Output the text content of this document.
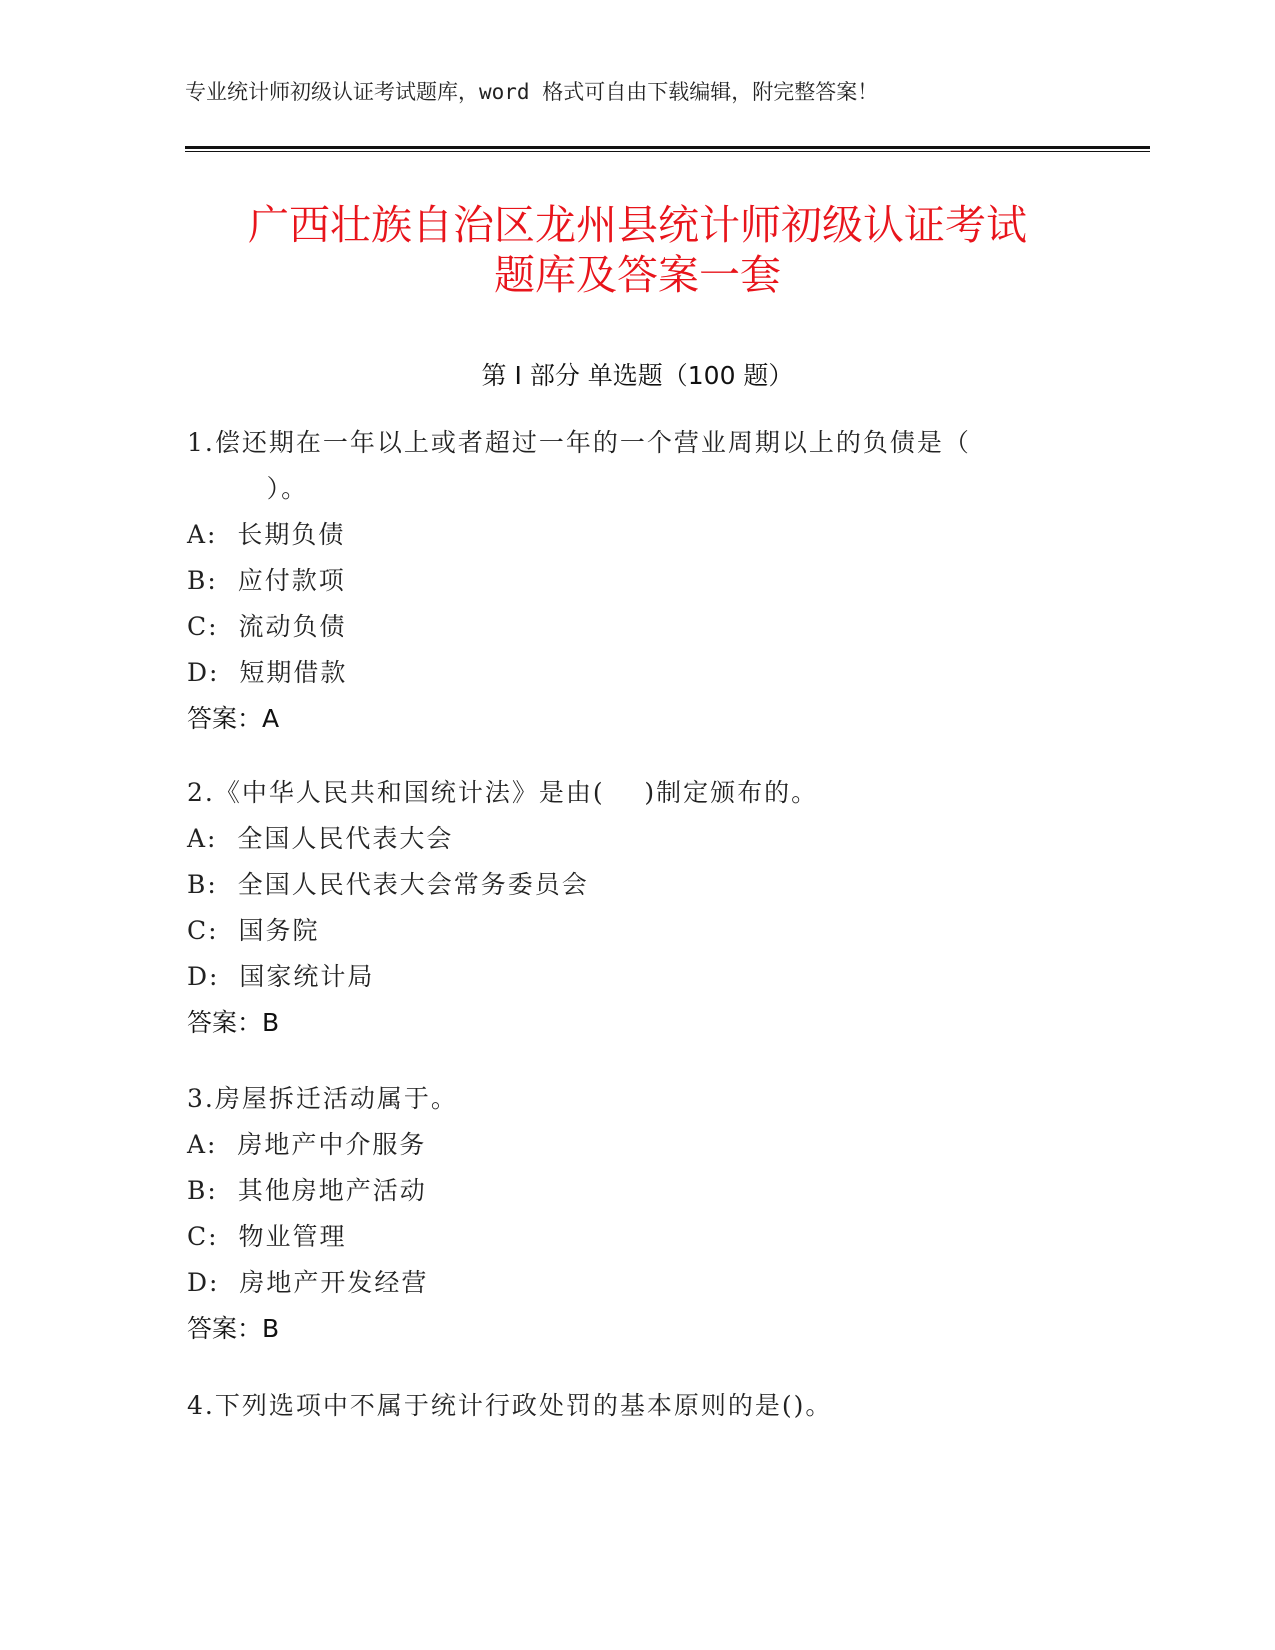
专业统计师初级认证考试题库，word 格式可自由下载编辑，附完整答案！
广西壮族自治区龙州县统计师初级认证考试
题库及答案一套
第 I 部分 单选题（100 题）
1.偿还期在一年以上或者超过一年的一个营业周期以上的负债是（
）。
A:  长期负债
B:  应付款项
C:  流动负债
D:  短期借款
答案：A
2.《中华人民共和国统计法》是由(    )制定颁布的。
A:  全国人民代表大会
B:  全国人民代表大会常务委员会
C:  国务院
D:  国家统计局
答案：B
3.房屋拆迁活动属于。
A:  房地产中介服务
B:  其他房地产活动
C:  物业管理
D:  房地产开发经营
答案：B
4.下列选项中不属于统计行政处罚的基本原则的是()。
